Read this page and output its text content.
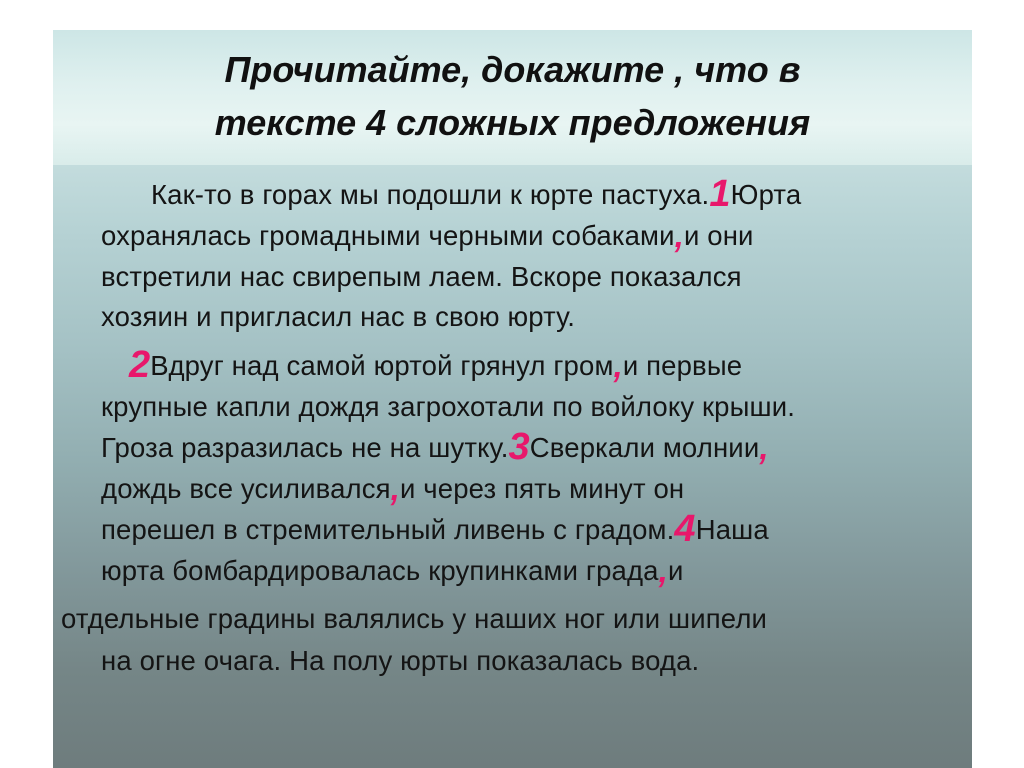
Прочитайте, докажите , что в
тексте 4 сложных предложения
Как-то в горах мы подошли к юрте пастуха.1Юрта
охранялась громадными черными собаками,и они
встретили нас свирепым лаем. Вскоре показался
хозяин и пригласил нас в свою юрту.
2Вдруг над самой юртой грянул гром,и первые
крупные капли дождя загрохотали по войлоку крыши.
Гроза разразилась не на шутку.3Сверкали молнии,
дождь все усиливался,и через пять минут он
перешел в стремительный ливень с градом.4Наша
юрта бомбардировалась крупинками града,и
отдельные градины валялись у наших ног или шипели
на огне очага. На полу юрты показалась вода.
